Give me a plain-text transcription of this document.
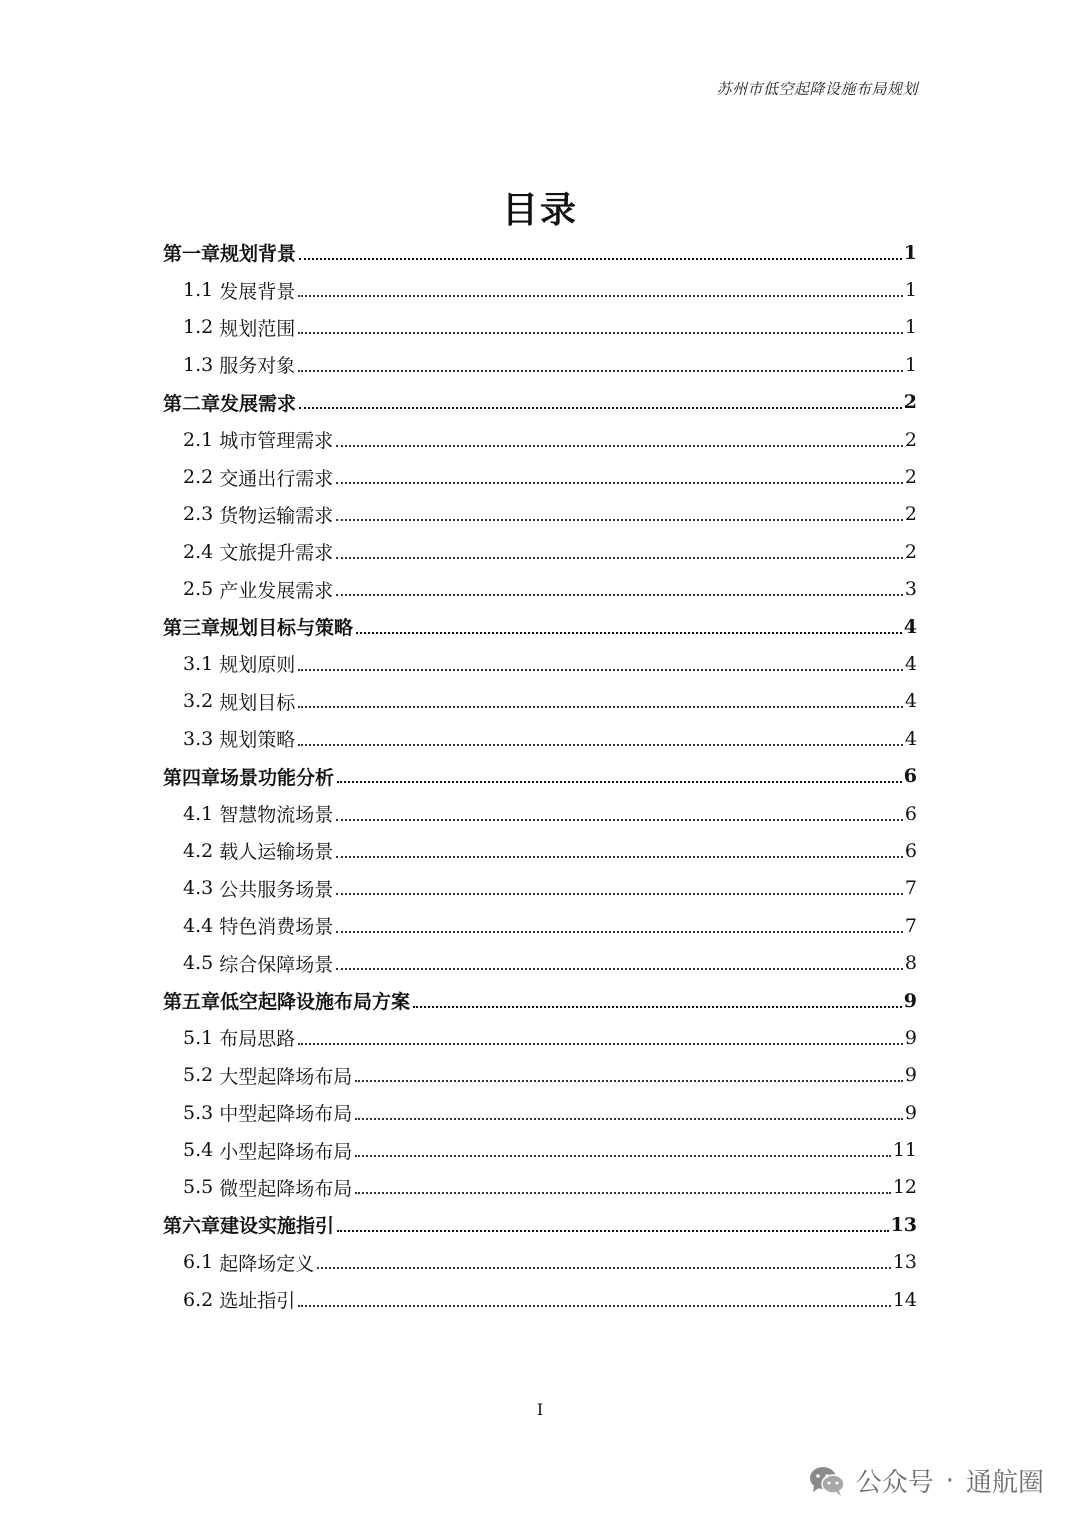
苏州市低空起降设施布局规划
目录
第一章规划背景	1
1.1 发展背景	1
1.2 规划范围	1
1.3 服务对象	1
第二章发展需求	2
2.1 城市管理需求	2
2.2 交通出行需求	2
2.3 货物运输需求	2
2.4 文旅提升需求	2
2.5 产业发展需求	3
第三章规划目标与策略	4
3.1 规划原则	4
3.2 规划目标	4
3.3 规划策略	4
第四章场景功能分析	6
4.1 智慧物流场景	6
4.2 载人运输场景	6
4.3 公共服务场景	7
4.4 特色消费场景	7
4.5 综合保障场景	8
第五章低空起降设施布局方案	9
5.1 布局思路	9
5.2 大型起降场布局	9
5.3 中型起降场布局	9
5.4 小型起降场布局	11
5.5 微型起降场布局	12
第六章建设实施指引	13
6.1 起降场定义	13
6.2 选址指引	14
I
公众号 · 通航圈
